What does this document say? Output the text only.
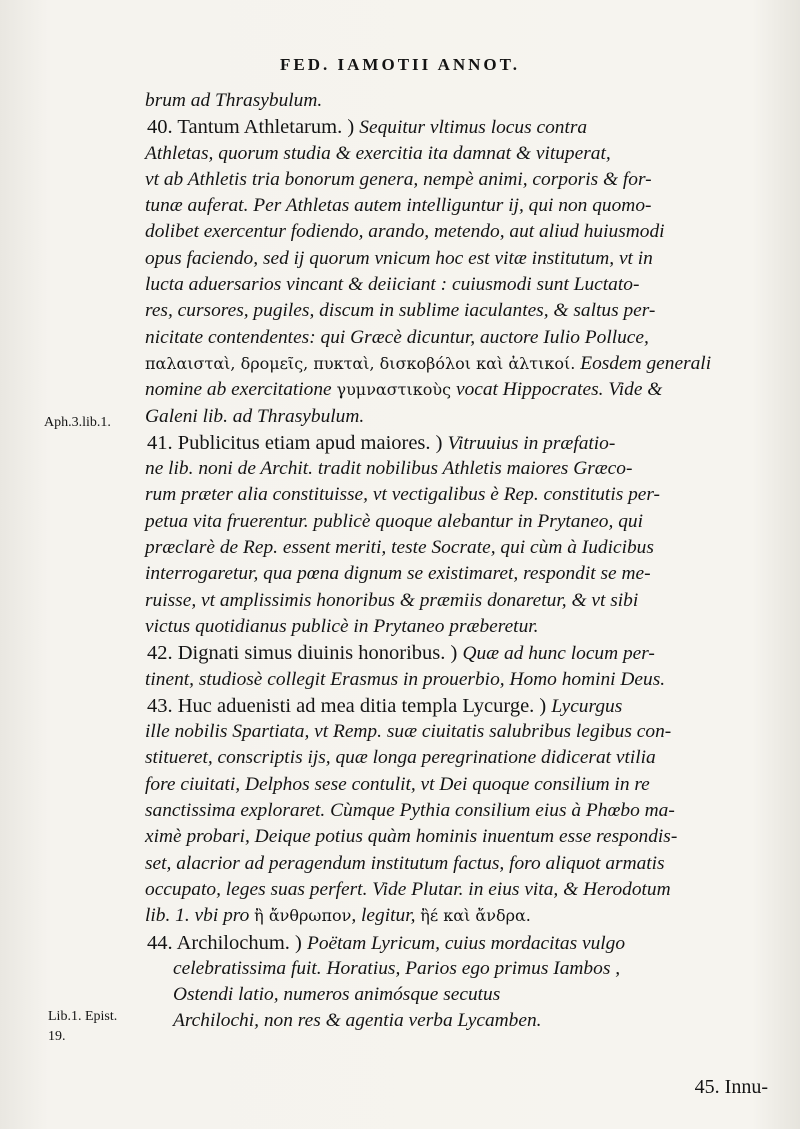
FED. IAMOTII ANNOT.
brum ad Thrasybulum.
40. Tantum Athletarum. ) Sequitur vltimus locus contra
Athletas, quorum studia & exercitia ita damnat & vituperat,
vt ab Athletis tria bonorum genera, nempè animi, corporis & for-
tunæ auferat. Per Athletas autem intelliguntur ij, qui non quomo-
dolibet exercentur fodiendo, arando, metendo, aut aliud huiusmodi
opus faciendo, sed ij quorum vnicum hoc est vitæ institutum, vt in
lucta aduersarios vincant & deiiciant : cuiusmodi sunt Luctato-
res, cursores, pugiles, discum in sublime iaculantes, & saltus per-
nicitate contendentes: qui Græcè dicuntur, auctore Iulio Polluce,
παλαισταὶ, δρομεῖς, πυκταὶ, δισκοβόλοι καὶ ἀλτικοί. Eosdem generali
nomine ab exercitatione γυμναστικοὺς vocat Hippocrates. Vide &
Galeni lib. ad Thrasybulum.
41. Publicitus etiam apud maiores. ) Vitruuius in præfatio-
ne lib. noni de Archit. tradit nobilibus Athletis maiores Græco-
rum præter alia constituisse, vt vectigalibus è Rep. constitutis per-
petua vita fruerentur. publicè quoque alebantur in Prytaneo, qui
præclarè de Rep. essent meriti, teste Socrate, qui cùm à Iudicibus
interrogaretur, qua pœna dignum se existimaret, respondit se me-
ruisse, vt amplissimis honoribus & præmiis donaretur, & vt sibi
victus quotidianus publicè in Prytaneo præberetur.
42. Dignati simus diuinis honoribus. ) Quæ ad hunc locum per-
tinent, studiosè collegit Erasmus in prouerbio, Homo homini Deus.
43. Huc aduenisti ad mea ditia templa Lycurge. ) Lycurgus
ille nobilis Spartiata, vt Remp. suæ ciuitatis salubribus legibus con-
stitueret, conscriptis ijs, quæ longa peregrinatione didicerat vtilia
fore ciuitati, Delphos sese contulit, vt Dei quoque consilium in re
sanctissima exploraret. Cùmque Pythia consilium eius à Phœbo ma-
ximè probari, Deique potius quàm hominis inuentum esse respondis-
set, alacrior ad peragendum institutum factus, foro aliquot armatis
occupato, leges suas perfert. Vide Plutar. in eius vita, & Herodotum
lib. 1. vbi pro ἢ ἄνθρωπον, legitur, ἢέ καὶ ἄνδρα.
44. Archilochum. ) Poëtam Lyricum, cuius mordacitas vulgo
celebratissima fuit. Horatius, Parios ego primus Iambos ,
Ostendi latio, numeros animósque secutus
Archilochi, non res & agentia verba Lycamben.
Aph.3.lib.1.
Lib.1. Epist.
19.
45. Innu-
